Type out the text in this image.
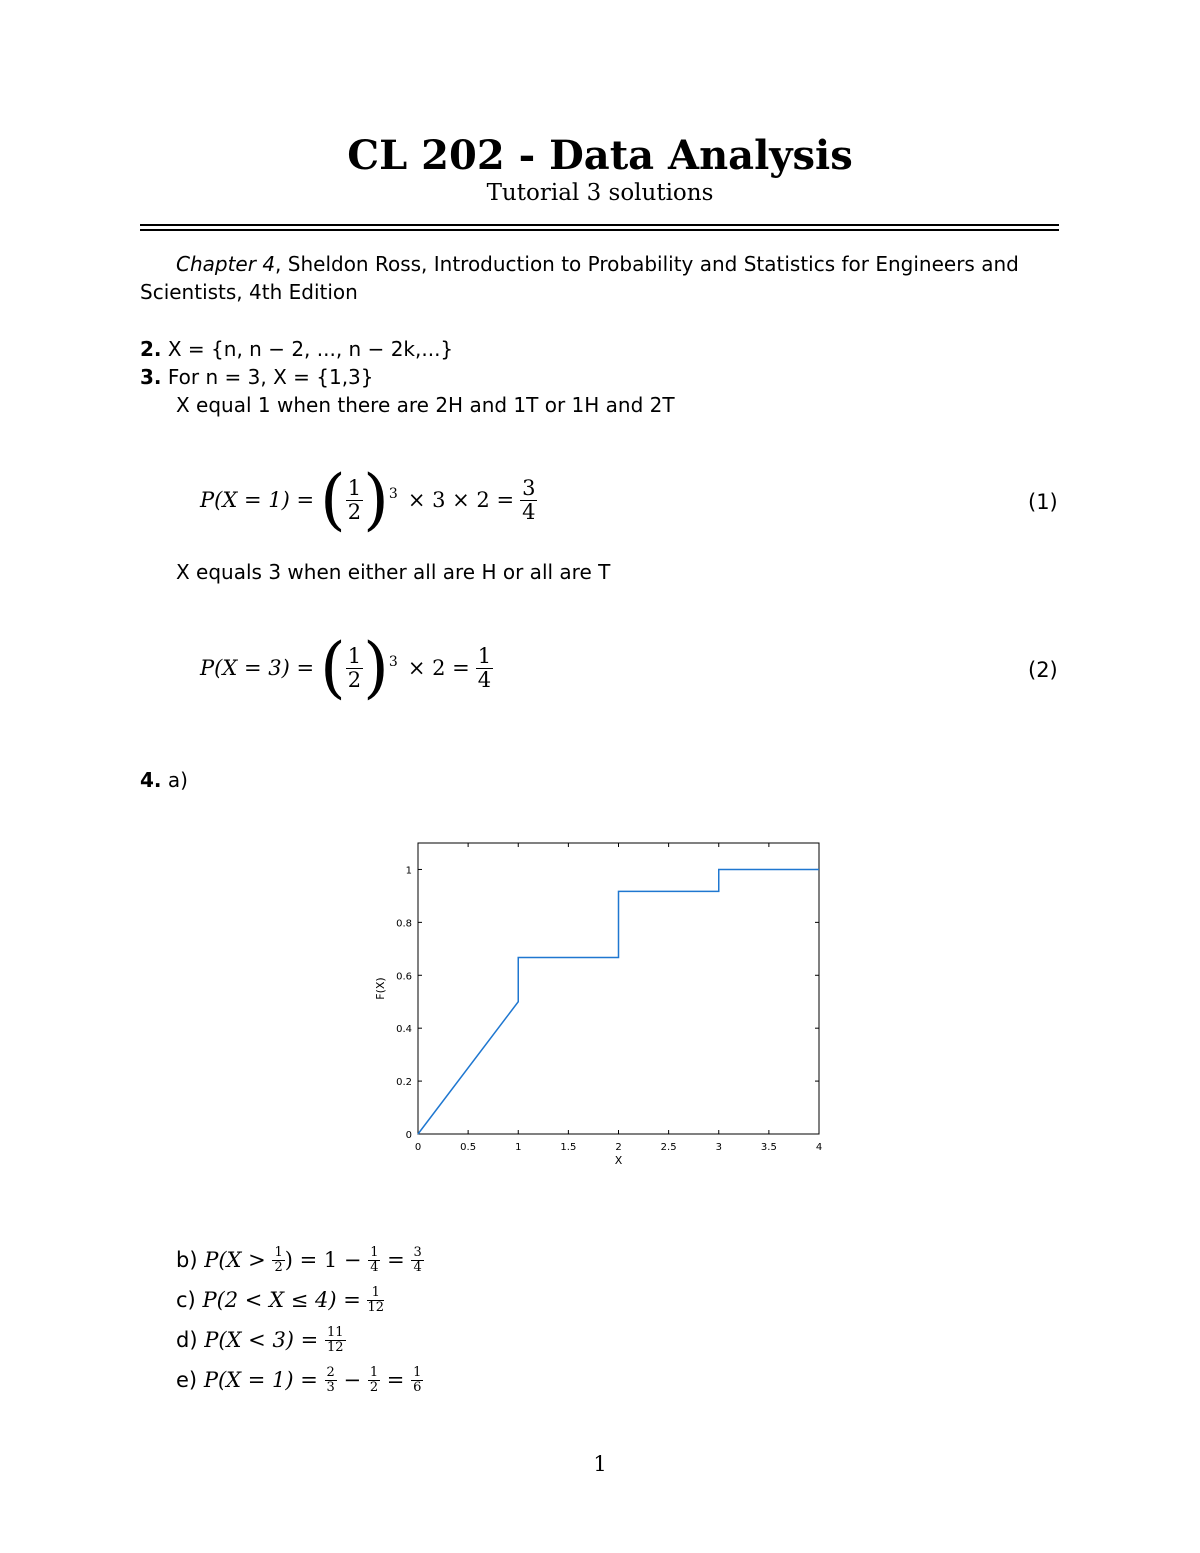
CL 202 - Data Analysis
Tutorial 3 solutions
Chapter 4, Sheldon Ross, Introduction to Probability and Statistics for Engineers and
Scientists, 4th Edition
2. X = {n, n − 2, ..., n − 2k,...}
3. For n = 3, X = {1,3}
X equal 1 when there are 2H and 1T or 1H and 2T
P(X = 1) = ( $\frac{1}{2}$ ) $3 \times 3 \times 2 = \frac{3}{4}$	(1)
X equals 3 when either all are H or all are T
P(X = 3) = ( $\frac{1}{2}$ ) $3 \times 2 = \frac{1}{4}$	(2)
4. a)
0	0.5	1	1.5	2	2.5	3	3.5	4
0
0.2
0.4
0.6
0.8
1
X
F(X)
b)
P(X >
$\frac{1}{2}$ ) = 1 −
$\frac{1}{4}$
=
$\frac{3}{4}$
c)
P(2 < X ≤ 4) =
$\frac{1}{12}$
d)
P(X < 3) =
$\frac{11}{12}$
e)
P(X = 1) =
$\frac{2}{3}$
−
$\frac{1}{2}$
=
$\frac{1}{6}$
1
